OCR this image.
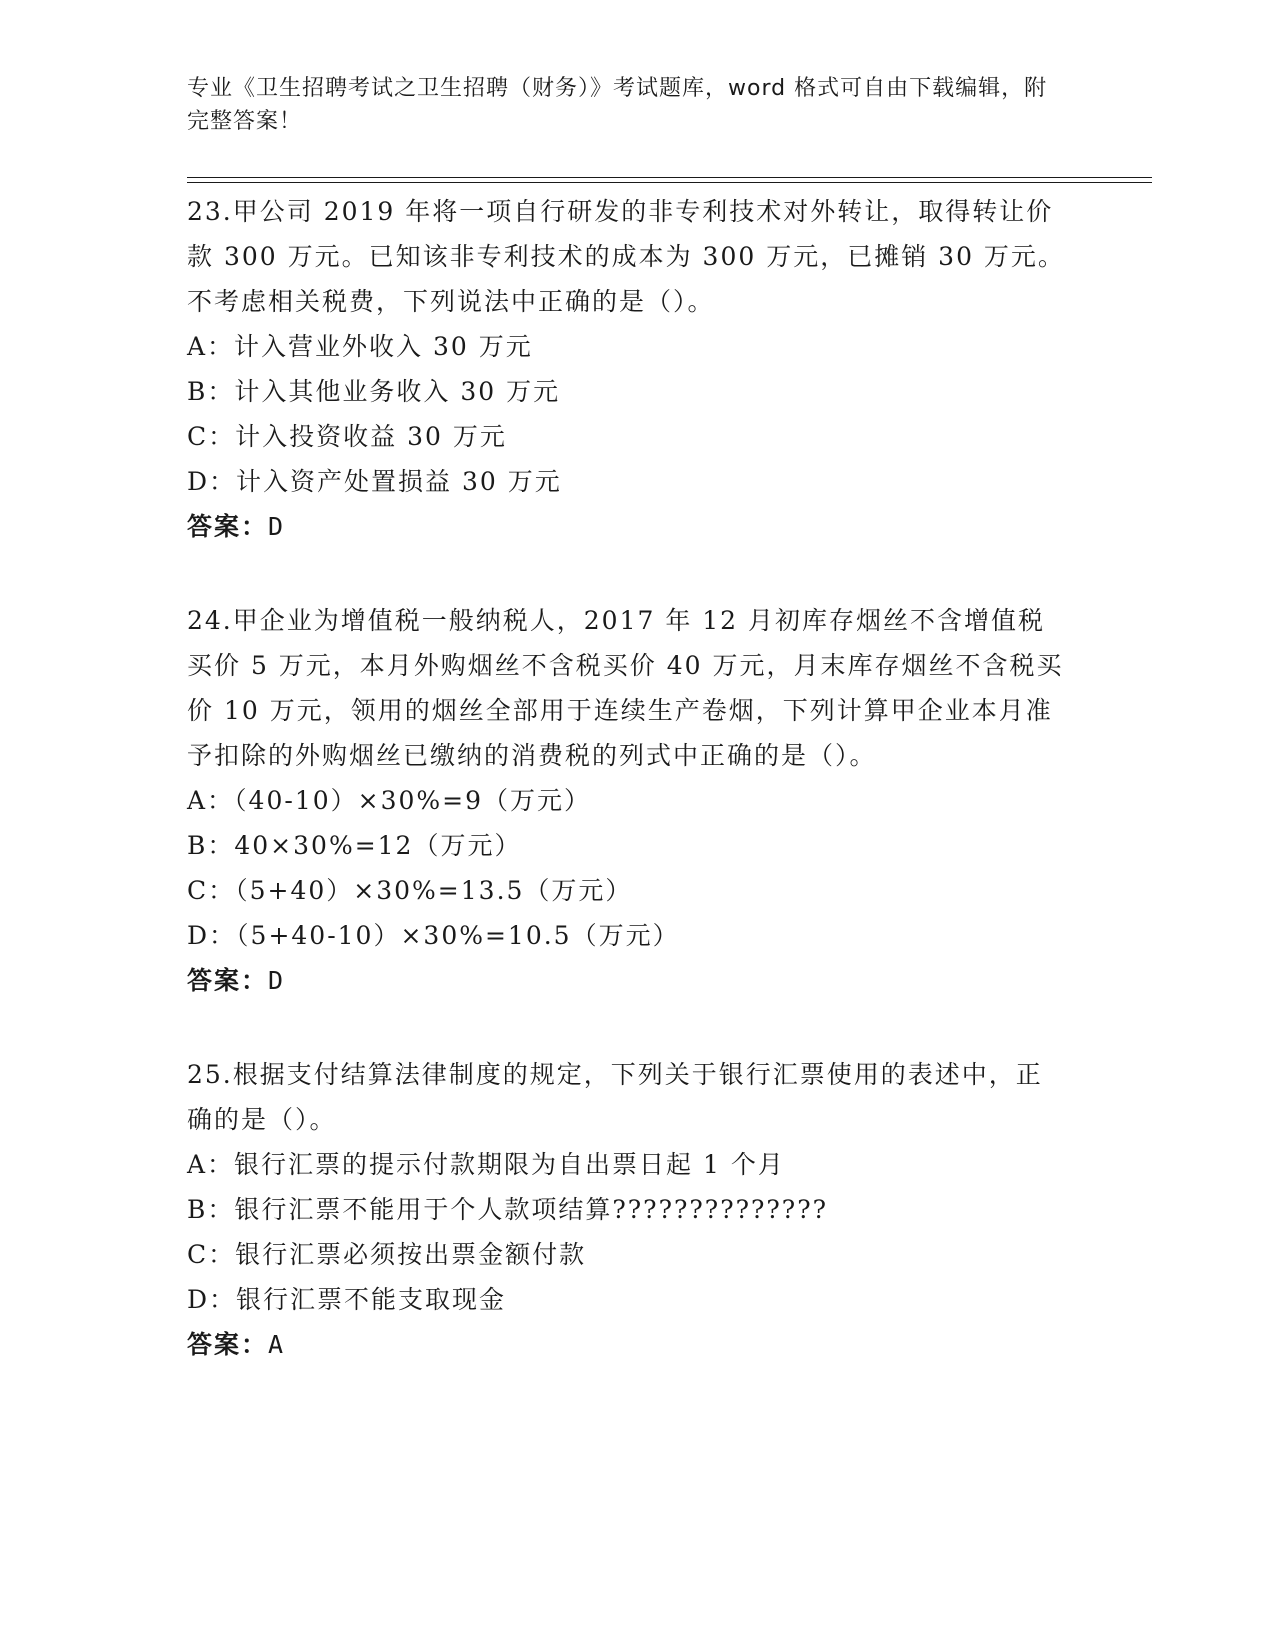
专业《卫生招聘考试之卫生招聘（财务）》考试题库，word 格式可自由下载编辑，附完整答案！
23.甲公司 2019 年将一项自行研发的非专利技术对外转让，取得转让价款 300 万元。已知该非专利技术的成本为 300 万元，已摊销 30 万元。不考虑相关税费，下列说法中正确的是（）。
A：计入营业外收入 30 万元
B：计入其他业务收入 30 万元
C：计入投资收益 30 万元
D：计入资产处置损益 30 万元
答案：D
24.甲企业为增值税一般纳税人，2017 年 12 月初库存烟丝不含增值税买价 5 万元，本月外购烟丝不含税买价 40 万元，月末库存烟丝不含税买价 10 万元，领用的烟丝全部用于连续生产卷烟，下列计算甲企业本月准予扣除的外购烟丝已缴纳的消费税的列式中正确的是（）。
A：（40-10）×30%=9（万元）
B：40×30%=12（万元）
C：（5+40）×30%=13.5（万元）
D：（5+40-10）×30%=10.5（万元）
答案：D
25.根据支付结算法律制度的规定，下列关于银行汇票使用的表述中，正确的是（）。
A：银行汇票的提示付款期限为自出票日起 1 个月
B：银行汇票不能用于个人款项结算??????????????
C：银行汇票必须按出票金额付款
D：银行汇票不能支取现金
答案：A
